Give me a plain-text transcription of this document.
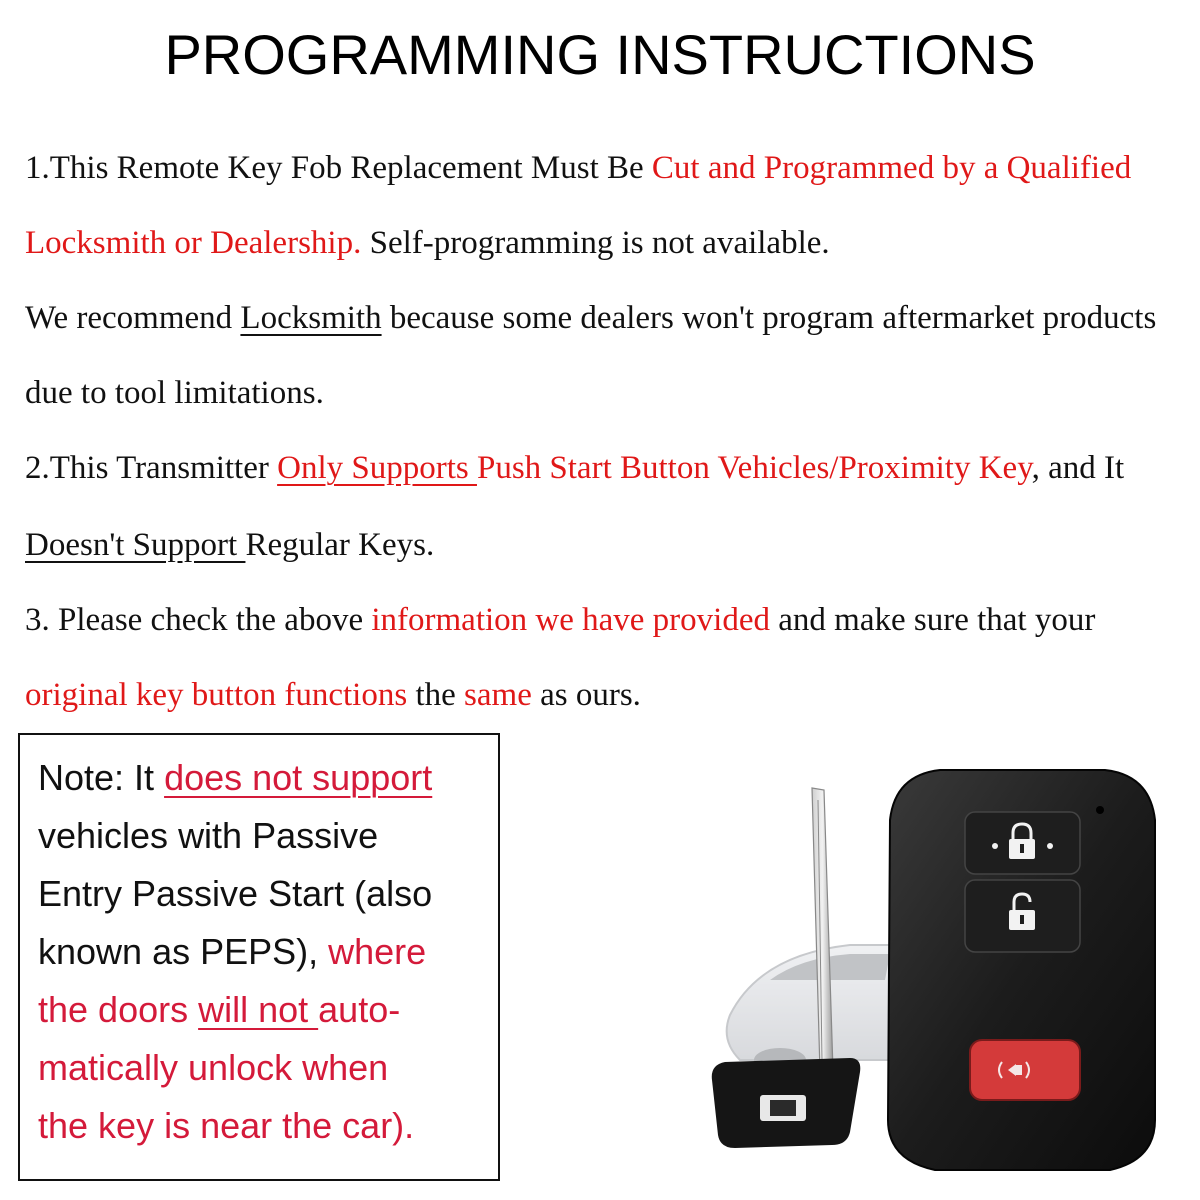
PROGRAMMING INSTRUCTIONS
1.This Remote Key Fob Replacement Must Be Cut and Programmed by a Qualified
Locksmith or Dealership. Self-programming is not available.
We recommend Locksmith because some dealers won't program aftermarket products
due to tool limitations.
2.This Transmitter Only Supports Push Start Button Vehicles/Proximity Key, and It
Doesn't Support Regular Keys.
3. Please check the above information we have provided and make sure that your
original key button functions the same as ours.
Note: It does not support
vehicles with Passive
Entry Passive Start (also
known as PEPS), where
the doors will not auto-
matically unlock when
the key is near the car).
